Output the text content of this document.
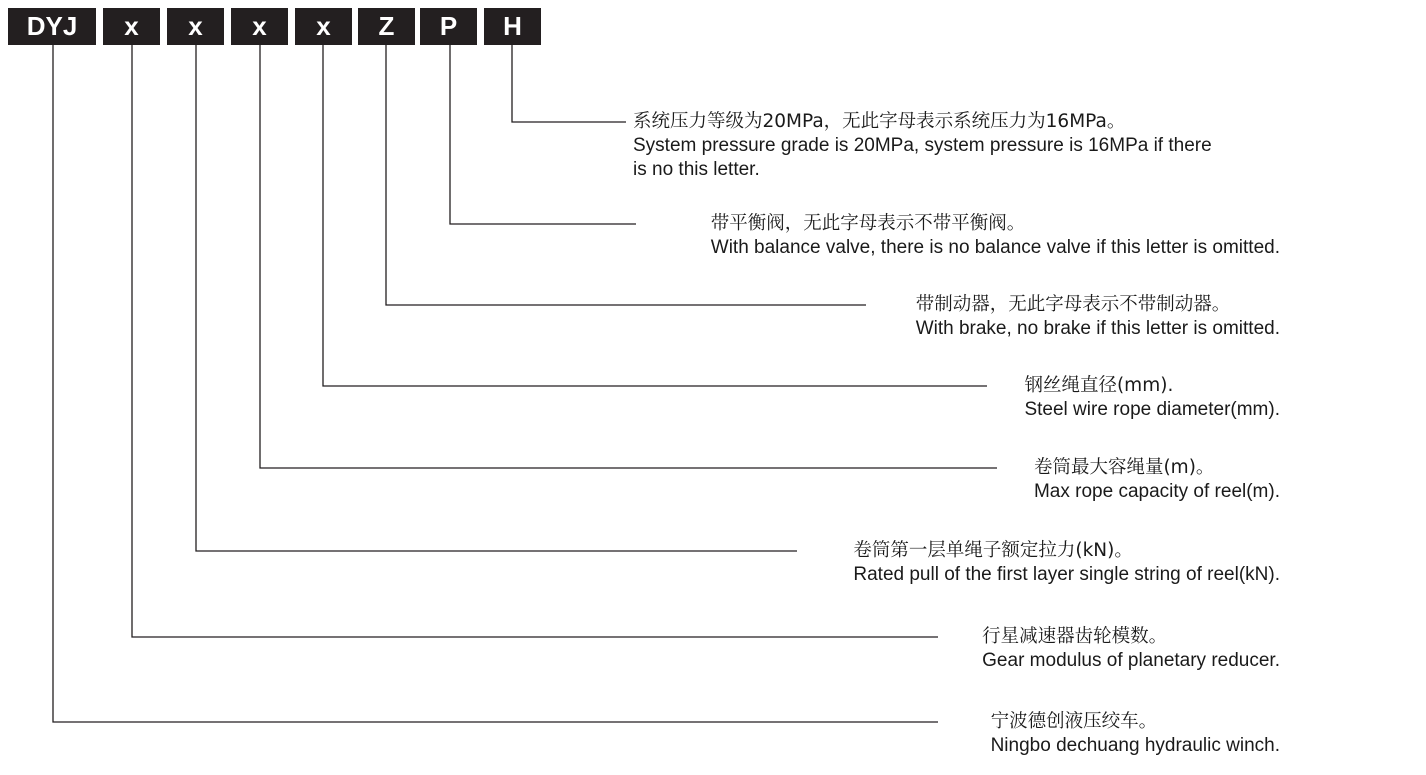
DYJ	x	x	x	x	Z	P	H
系统压力等级为20MPa，无此字母表示系统压力为16MPa。
System pressure grade is 20MPa, system pressure is 16MPa if there
is no this letter.
带平衡阀，无此字母表示不带平衡阀。
With balance valve, there is no balance valve if this letter is omitted.
带制动器，无此字母表示不带制动器。
With brake, no brake if this letter is omitted.
钢丝绳直径(mm).
Steel wire rope diameter(mm).
卷筒最大容绳量(m)。
Max rope capacity of reel(m).
卷筒第一层单绳子额定拉力(kN)。
Rated pull of the first layer single string of reel(kN).
行星减速器齿轮模数。
Gear modulus of planetary reducer.
宁波德创液压绞车。
Ningbo dechuang hydraulic winch.
